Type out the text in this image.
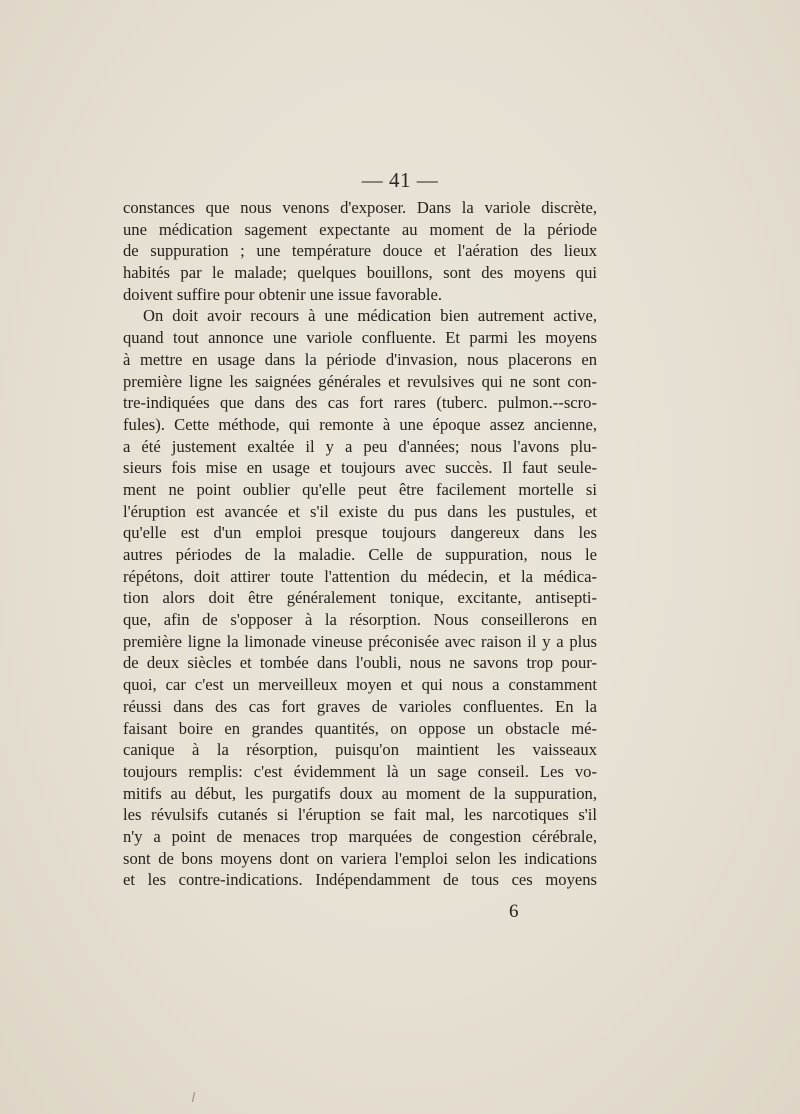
— 41 —
constances que nous venons d'exposer. Dans la variole discrète,
une médication sagement expectante au moment de la période
de suppuration ; une température douce et l'aération des lieux
habités par le malade; quelques bouillons, sont des moyens qui
doivent suffire pour obtenir une issue favorable.
On doit avoir recours à une médication bien autrement active,
quand tout annonce une variole confluente. Et parmi les moyens
à mettre en usage dans la période d'invasion, nous placerons en
première ligne les saignées générales et revulsives qui ne sont con-
tre-indiquées que dans des cas fort rares (tuberc. pulmon.--scro-
fules). Cette méthode, qui remonte à une époque assez ancienne,
a été justement exaltée il y a peu d'années; nous l'avons plu-
sieurs fois mise en usage et toujours avec succès. Il faut seule-
ment ne point oublier qu'elle peut être facilement mortelle si
l'éruption est avancée et s'il existe du pus dans les pustules, et
qu'elle est d'un emploi presque toujours dangereux dans les
autres périodes de la maladie. Celle de suppuration, nous le
répétons, doit attirer toute l'attention du médecin, et la médica-
tion alors doit être généralement tonique, excitante, antisepti-
que, afin de s'opposer à la résorption. Nous conseillerons en
première ligne la limonade vineuse préconisée avec raison il y a plus
de deux siècles et tombée dans l'oubli, nous ne savons trop pour-
quoi, car c'est un merveilleux moyen et qui nous a constamment
réussi dans des cas fort graves de varioles confluentes. En la
faisant boire en grandes quantités, on oppose un obstacle mé-
canique à la résorption, puisqu'on maintient les vaisseaux
toujours remplis: c'est évidemment là un sage conseil. Les vo-
mitifs au début, les purgatifs doux au moment de la suppuration,
les révulsifs cutanés si l'éruption se fait mal, les narcotiques s'il
n'y a point de menaces trop marquées de congestion cérébrale,
sont de bons moyens dont on variera l'emploi selon les indications
et les contre-indications. Indépendamment de tous ces moyens
6
